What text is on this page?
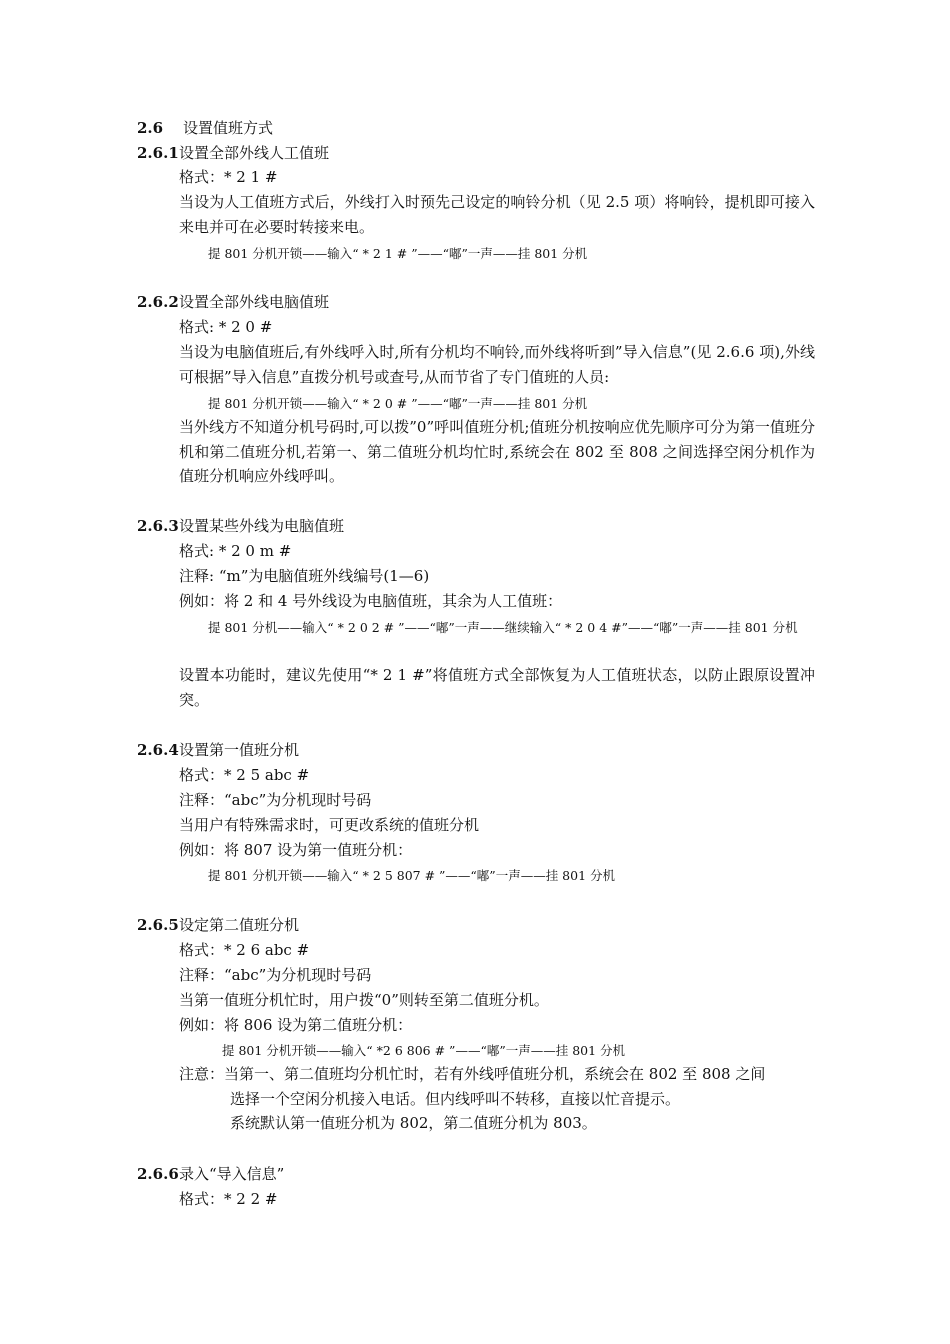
2.6 设置值班方式
2.6.1设置全部外线人工值班
格式：* 2 1 #
当设为人工值班方式后，外线打入时预先己设定的响铃分机（见 2.5 项）将响铃，提机即可接入来电并可在必要时转接来电。
提 801 分机开锁——输入“ * 2 1 # ”——“嘟”一声——挂 801 分机
2.6.2设置全部外线电脑值班
格式: * 2 0 #
当设为电脑值班后,有外线呼入时,所有分机均不响铃,而外线将听到”导入信息”(见 2.6.6 项),外线可根据”导入信息”直拨分机号或查号,从而节省了专门值班的人员:
提 801 分机开锁——输入“ * 2 0 # ”——“嘟”一声——挂 801 分机
当外线方不知道分机号码时,可以拨”0”呼叫值班分机;值班分机按响应优先顺序可分为第一值班分机和第二值班分机,若第一、第二值班分机均忙时,系统会在 802 至 808 之间选择空闲分机作为值班分机响应外线呼叫。
2.6.3设置某些外线为电脑值班
格式: * 2 0 m #
注释: “m”为电脑值班外线编号(1—6)
例如：将 2 和 4 号外线设为电脑值班，其余为人工值班：
提 801 分机——输入“ * 2 0 2 # ”——“嘟”一声——继续输入“ * 2 0 4 #”——“嘟”一声——挂 801 分机
设置本功能时，建议先使用“* 2 1 #”将值班方式全部恢复为人工值班状态，以防止跟原设置冲突。
2.6.4设置第一值班分机
格式：* 2 5 abc #
注释：“abc”为分机现时号码
当用户有特殊需求时，可更改系统的值班分机
例如：将 807 设为第一值班分机：
提 801 分机开锁——输入“ * 2 5 807 # ”——“嘟”一声——挂 801 分机
2.6.5设定第二值班分机
格式：* 2 6 abc #
注释：“abc”为分机现时号码
当第一值班分机忙时，用户拨“0”则转至第二值班分机。
例如：将 806 设为第二值班分机：
提 801 分机开锁——输入“ *2 6 806 # ”——“嘟”一声——挂 801 分机
注意：当第一、第二值班均分机忙时，若有外线呼值班分机，系统会在 802 至 808 之间
选择一个空闲分机接入电话。但内线呼叫不转移，直接以忙音提示。
系统默认第一值班分机为 802，第二值班分机为 803。
2.6.6录入“导入信息”
格式：* 2 2 #
